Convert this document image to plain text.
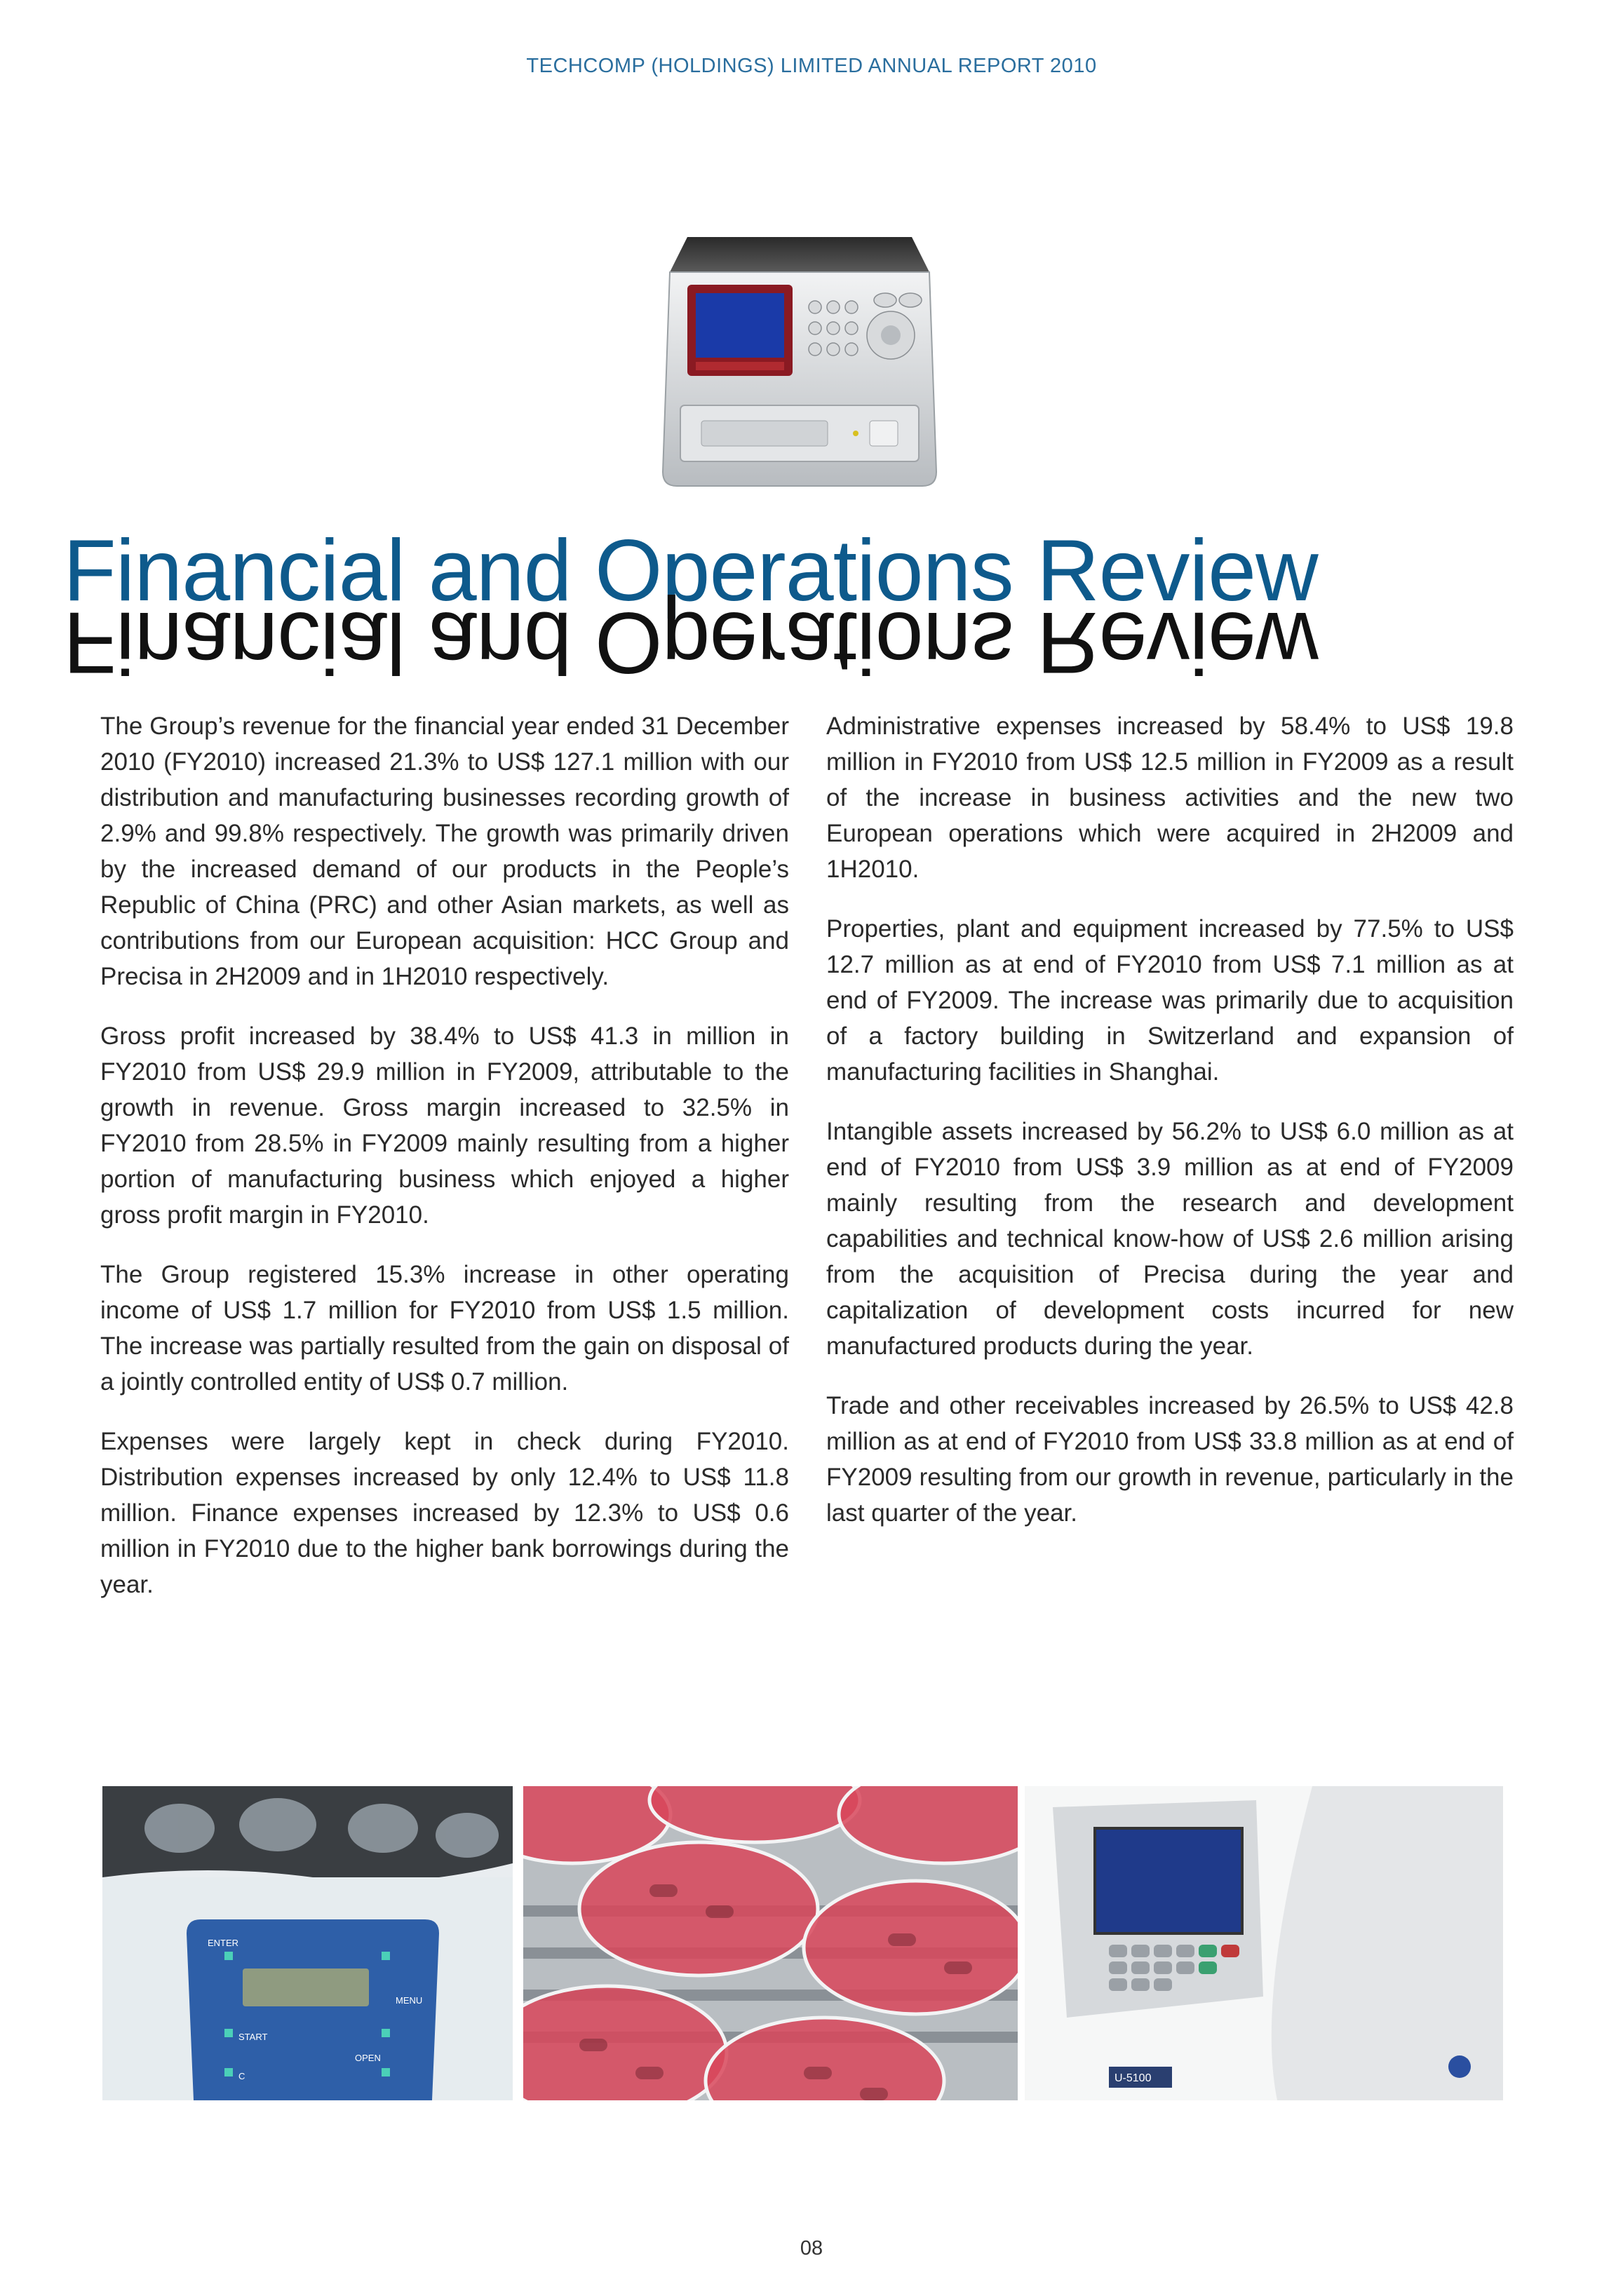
TECHCOMP (HOLDINGS) LIMITED ANNUAL REPORT 2010
Financial and Operations Review
Financial and Operations Review

The Group’s revenue for the financial year ended 31 December 2010 (FY2010) increased 21.3% to US$ 127.1 million with our distribution and manufacturing businesses recording growth of 2.9% and 99.8% respectively. The growth was primarily driven by the increased demand of our products in the People’s Republic of China (PRC) and other Asian markets, as well as contributions from our European acquisition: HCC Group and Precisa in 2H2009 and in 1H2010 respectively.

Gross profit increased by 38.4% to US$ 41.3 in million in FY2010 from US$ 29.9 million in FY2009, attributable to the growth in revenue. Gross margin increased to 32.5% in FY2010 from 28.5% in FY2009 mainly resulting from a higher portion of manufacturing business which enjoyed a higher gross profit margin in FY2010.

The Group registered 15.3% increase in other operating income of US$ 1.7 million for FY2010 from US$ 1.5 million. The increase was partially resulted from the gain on disposal of a jointly controlled entity of US$ 0.7 million.

Expenses were largely kept in check during FY2010. Distribution expenses increased by only 12.4% to US$ 11.8 million. Finance expenses increased by 12.3% to US$ 0.6 million in FY2010 due to the higher bank borrowings during the year.

Administrative expenses increased by 58.4% to US$ 19.8 million in FY2010 from US$ 12.5 million in FY2009 as a result of the increase in business activities and the new two European operations which were acquired in 2H2009 and 1H2010.

Properties, plant and equipment increased by 77.5% to US$ 12.7 million as at end of FY2010 from US$ 7.1 million as at end of FY2009. The increase was primarily due to acquisition of a factory building in Switzerland and expansion of manufacturing facilities in Shanghai.

Intangible assets increased by 56.2% to US$ 6.0 million as at end of FY2010 from US$ 3.9 million as at end of FY2009 mainly resulting from the research and development capabilities and technical know-how of US$ 2.6 million arising from the acquisition of Precisa during the year and capitalization of development costs incurred for new manufactured products during the year.

Trade and other receivables increased by 26.5% to US$ 42.8 million as at end of FY2010 from US$ 33.8 million as at end of FY2009 resulting from our growth in revenue, particularly in the last quarter of the year.

ENTER
MENU
START
OPEN
C	U-5100
08
